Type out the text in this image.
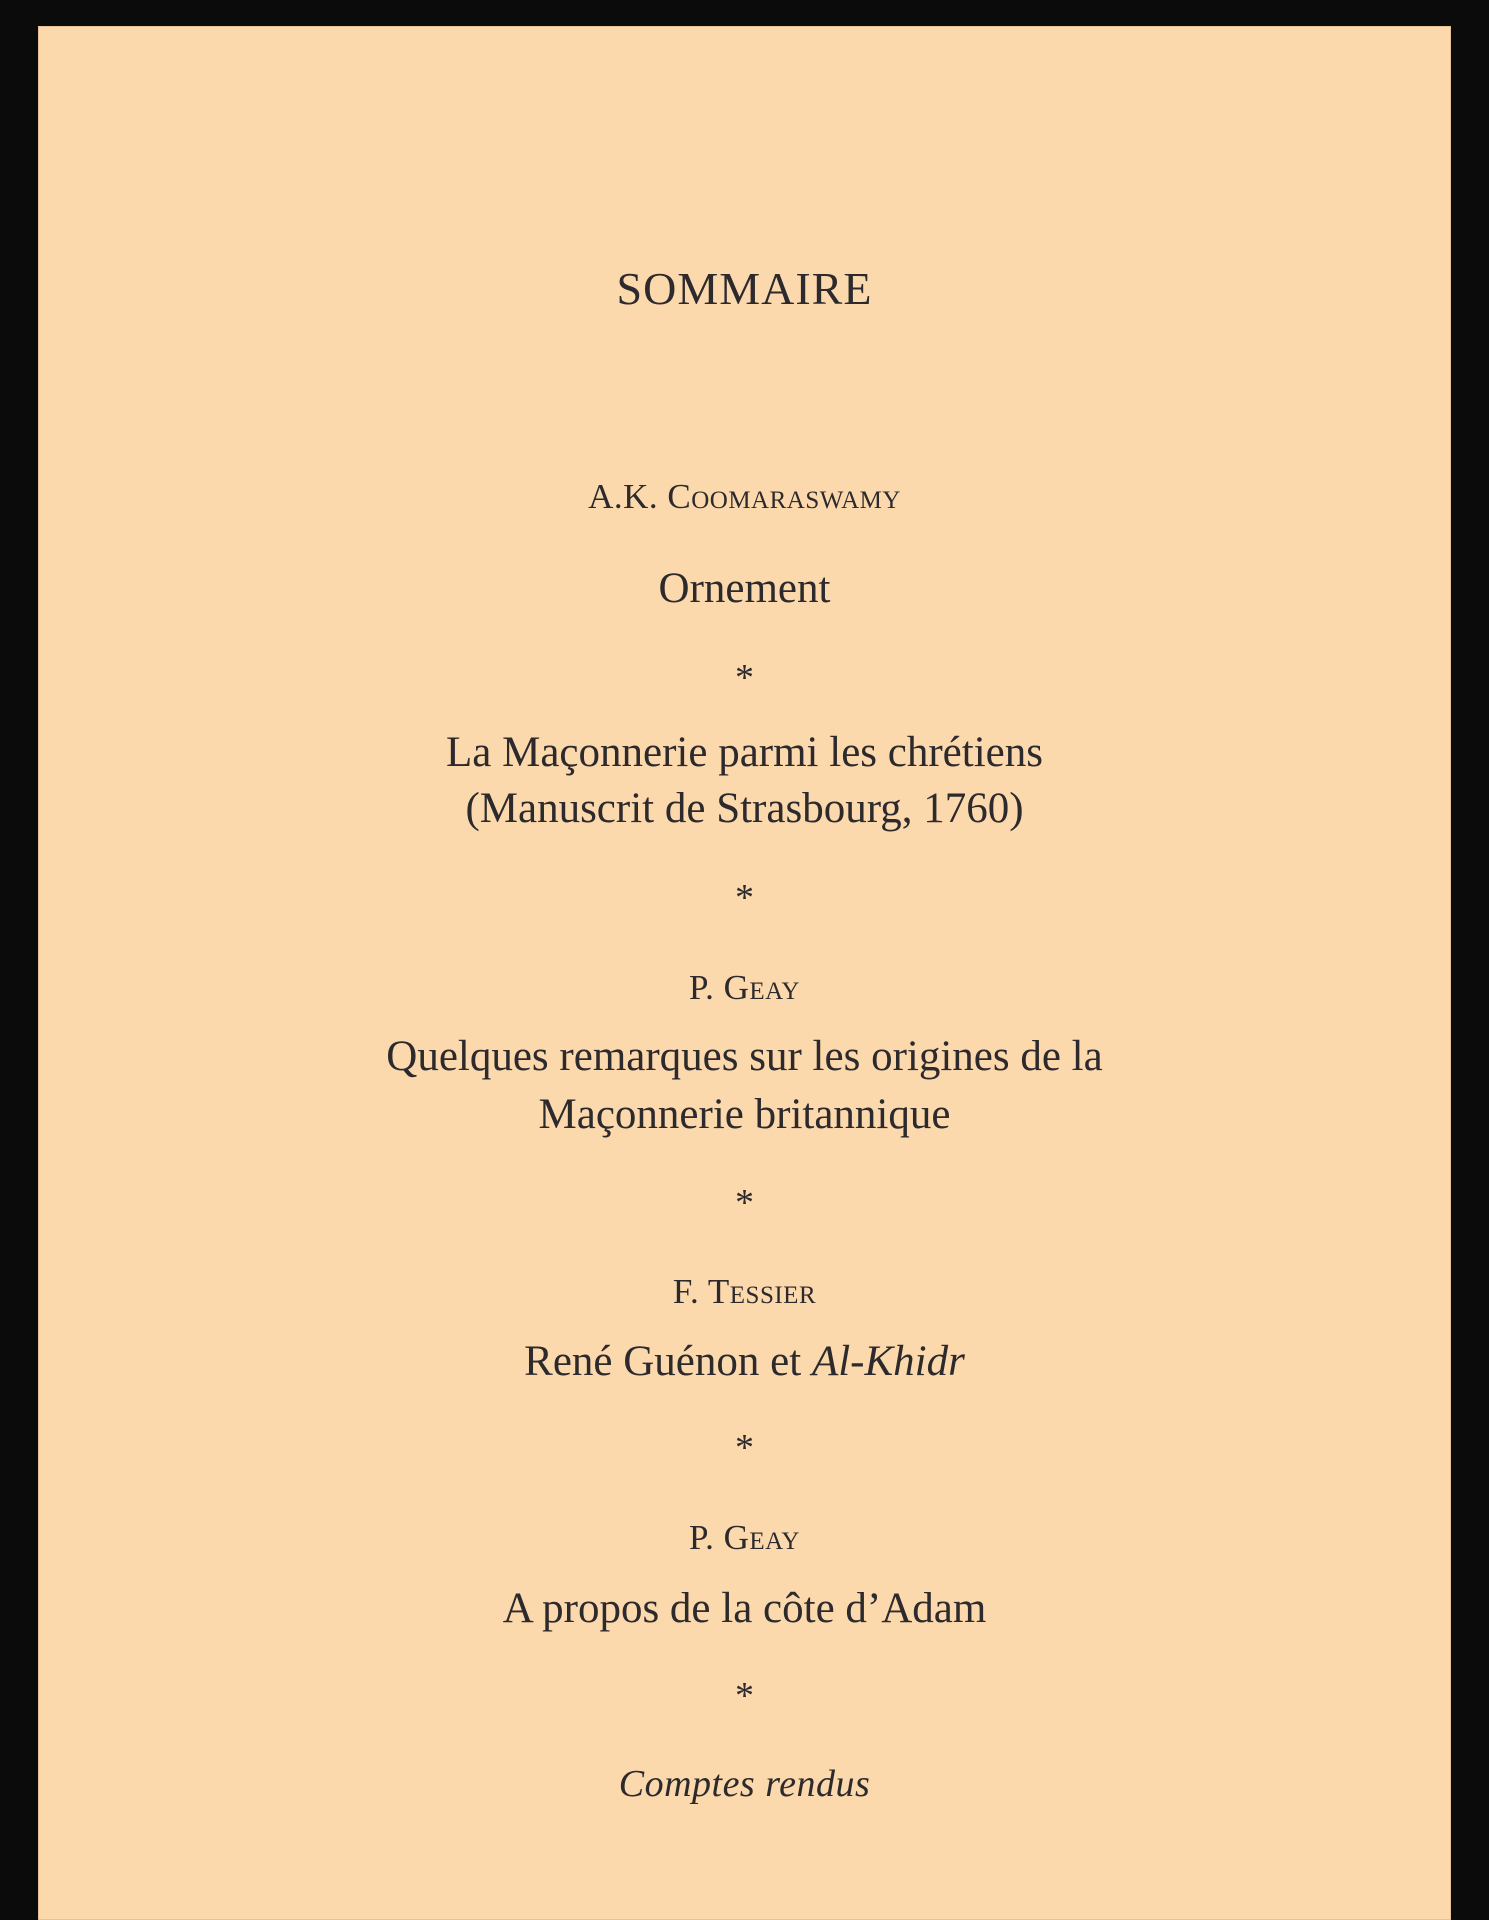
SOMMAIRE
A.K. Coomaraswamy
Ornement
*
La Maçonnerie parmi les chrétiens
(Manuscrit de Strasbourg, 1760)
*
P. Geay
Quelques remarques sur les origines de la
Maçonnerie britannique
*
F. Tessier
René Guénon et Al-Khidr
*
P. Geay
A propos de la côte d’Adam
*
Comptes rendus
